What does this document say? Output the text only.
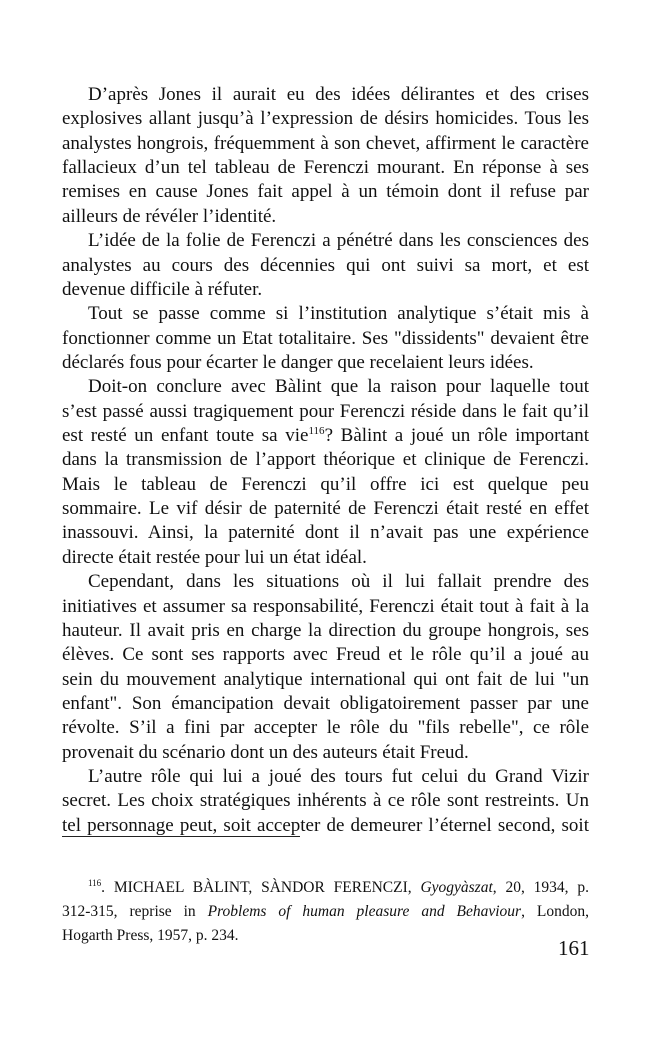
D’après Jones il aurait eu des idées délirantes et des crises
explosives allant jusqu’à l’expression de désirs homicides. Tous les
analystes hongrois, fréquemment à son chevet, affirment le caractère
fallacieux d’un tel tableau de Ferenczi mourant. En réponse à ses
remises en cause Jones fait appel à un témoin dont il refuse par
ailleurs de révéler l’identité.
L’idée de la folie de Ferenczi a pénétré dans les consciences des
analystes au cours des décennies qui ont suivi sa mort, et est
devenue difficile à réfuter.
Tout se passe comme si l’institution analytique s’était mis à
fonctionner comme un Etat totalitaire. Ses "dissidents" devaient être
déclarés fous pour écarter le danger que recelaient leurs idées.
Doit-on conclure avec Bàlint que la raison pour laquelle tout
s’est passé aussi tragiquement pour Ferenczi réside dans le fait qu’il
est resté un enfant toute sa vie$^{116}$? Bàlint a joué un rôle important
dans la transmission de l’apport théorique et clinique de Ferenczi.
Mais le tableau de Ferenczi qu’il offre ici est quelque peu
sommaire. Le vif désir de paternité de Ferenczi était resté en effet
inassouvi. Ainsi, la paternité dont il n’avait pas une expérience
directe était restée pour lui un état idéal.
Cependant, dans les situations où il lui fallait prendre des
initiatives et assumer sa responsabilité, Ferenczi était tout à fait à la
hauteur. Il avait pris en charge la direction du groupe hongrois, ses
élèves. Ce sont ses rapports avec Freud et le rôle qu’il a joué au
sein du mouvement analytique international qui ont fait de lui "un
enfant". Son émancipation devait obligatoirement passer par une
révolte. S’il a fini par accepter le rôle du "fils rebelle", ce rôle
provenait du scénario dont un des auteurs était Freud.
L’autre rôle qui lui a joué des tours fut celui du Grand Vizir
secret. Les choix stratégiques inhérents à ce rôle sont restreints. Un
tel personnage peut, soit accepter de demeurer l’éternel second, soit
$^{116}$. MICHAEL BÀLINT, SÀNDOR FERENCZI, Gyogyàszat, 20, 1934, p.
312-315, reprise in Problems of human pleasure and Behaviour, London,
Hogarth Press, 1957, p. 234.
161
